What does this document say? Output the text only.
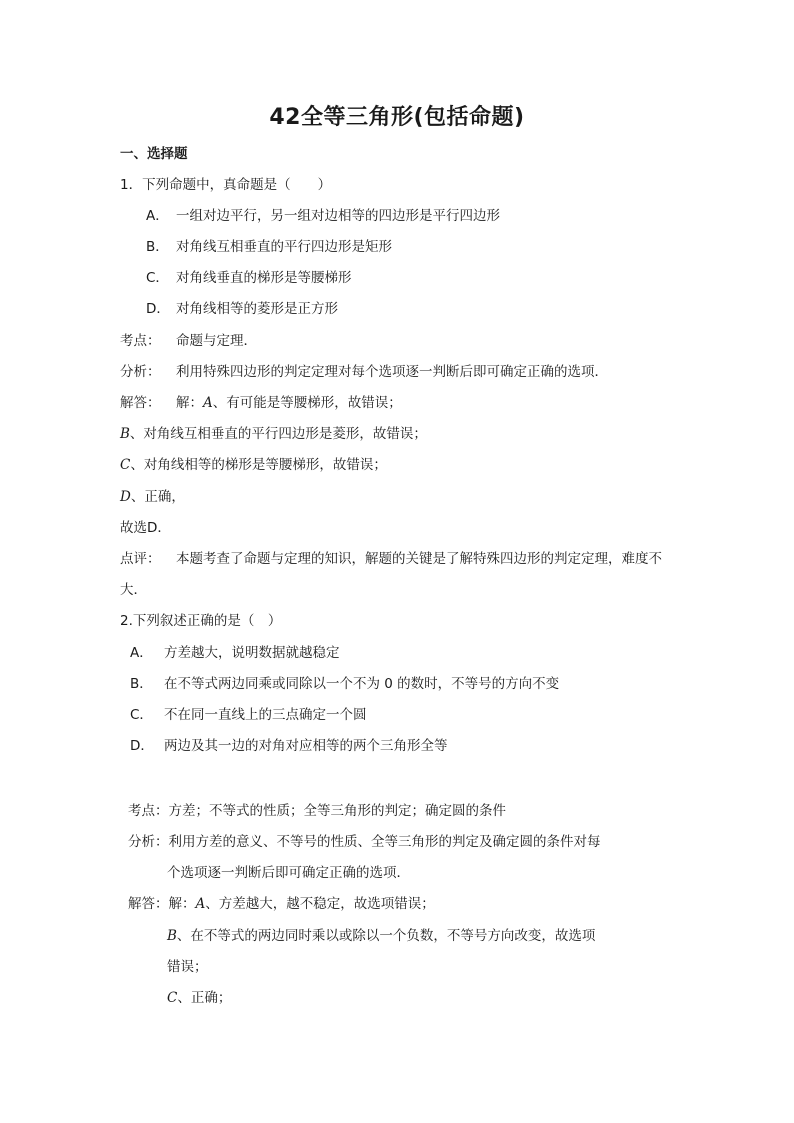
42全等三角形(包括命题)
一、选择题
1．下列命题中，真命题是（　　）
A． 一组对边平行，另一组对边相等的四边形是平行四边形
B． 对角线互相垂直的平行四边形是矩形
C． 对角线垂直的梯形是等腰梯形
D． 对角线相等的菱形是正方形
考点： 命题与定理．
分析： 利用特殊四边形的判定定理对每个选项逐一判断后即可确定正确的选项．
解答： 解：A、有可能是等腰梯形，故错误；
B、对角线互相垂直的平行四边形是菱形，故错误；
C、对角线相等的梯形是等腰梯形，故错误；
D、正确，
故选D．
点评： 本题考查了命题与定理的知识，解题的关键是了解特殊四边形的判定定理，难度不
大．
2.下列叙述正确的是（　）
A． 方差越大，说明数据就越稳定
B． 在不等式两边同乘或同除以一个不为 0 的数时，不等号的方向不变
C． 不在同一直线上的三点确定一个圆
D． 两边及其一边的对角对应相等的两个三角形全等
考点：方差；不等式的性质；全等三角形的判定；确定圆的条件
分析：利用方差的意义、不等号的性质、全等三角形的判定及确定圆的条件对每
个选项逐一判断后即可确定正确的选项．
解答：解：A、方差越大，越不稳定，故选项错误；
B、在不等式的两边同时乘以或除以一个负数，不等号方向改变，故选项
错误；
C、正确；
